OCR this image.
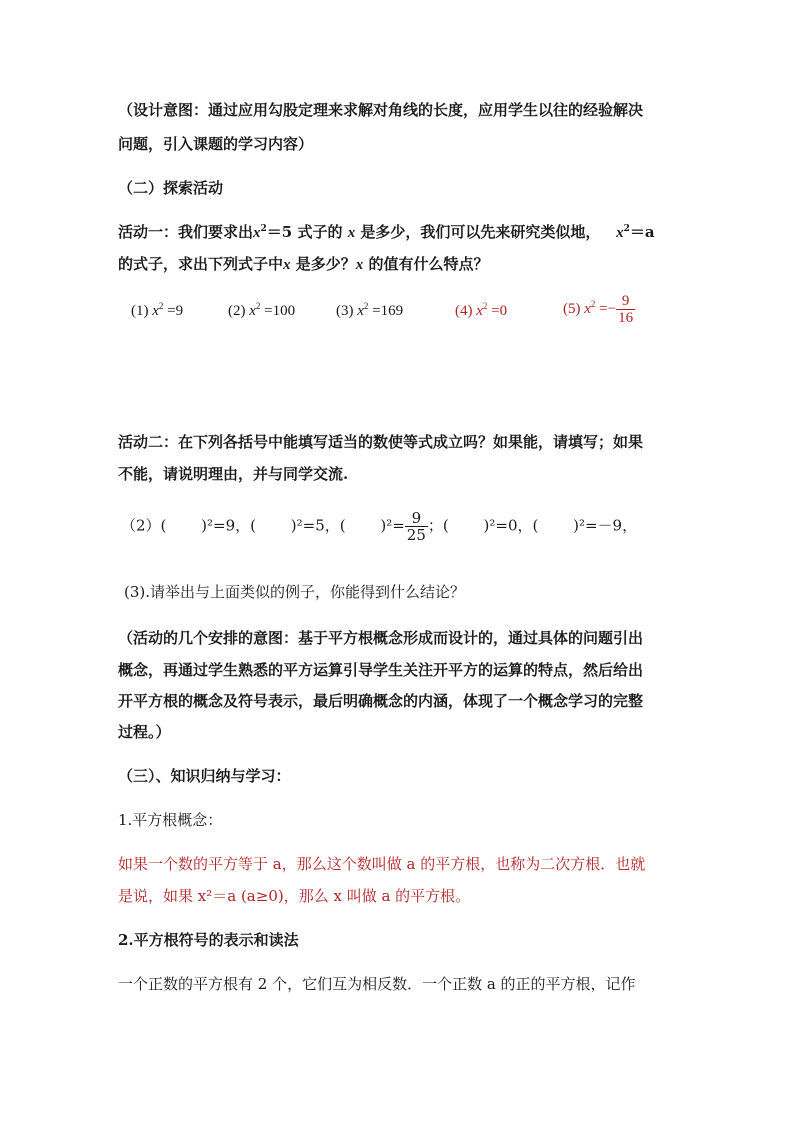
（设计意图：通过应用勾股定理来求解对角线的长度，应用学生以往的经验解决
问题，引入课题的学习内容）
（二）探索活动
活动一：我们要求出$x^2=5$ 式子的 x 是多少，我们可以先来研究类似地， $x^2=a$
的式子，求出下列式子中x 是多少？x 的值有什么特点？
(1) $x^2 =9$	(2) $x^2 =100$	(3) $x^2 =169$	(4) $x^2 =0$	(5) $x^2 =- \frac{9}{16}$
活动二：在下列各括号中能填写适当的数使等式成立吗？如果能，请填写；如果
不能，请说明理由，并与同学交流.
（2）(　　 )²=9，(　　 )²=5，(　　 )$^2= \frac{9}{25}$ ；(　　 )²=0，(　　 )²=－9，
(3).请举出与上面类似的例子，你能得到什么结论？
（活动的几个安排的意图：基于平方根概念形成而设计的，通过具体的问题引出
概念，再通过学生熟悉的平方运算引导学生关注开平方的运算的特点，然后给出
开平方根的概念及符号表示，最后明确概念的内涵，体现了一个概念学习的完整
过程。）
（三）、知识归纳与学习：
1.平方根概念：
如果一个数的平方等于 a，那么这个数叫做 a 的平方根，也称为二次方根．也就
是说，如果 x²＝a (a≥0)，那么 x 叫做 a 的平方根。
2.平方根符号的表示和读法
一个正数的平方根有 2 个，它们互为相反数．一个正数 a 的正的平方根，记作
